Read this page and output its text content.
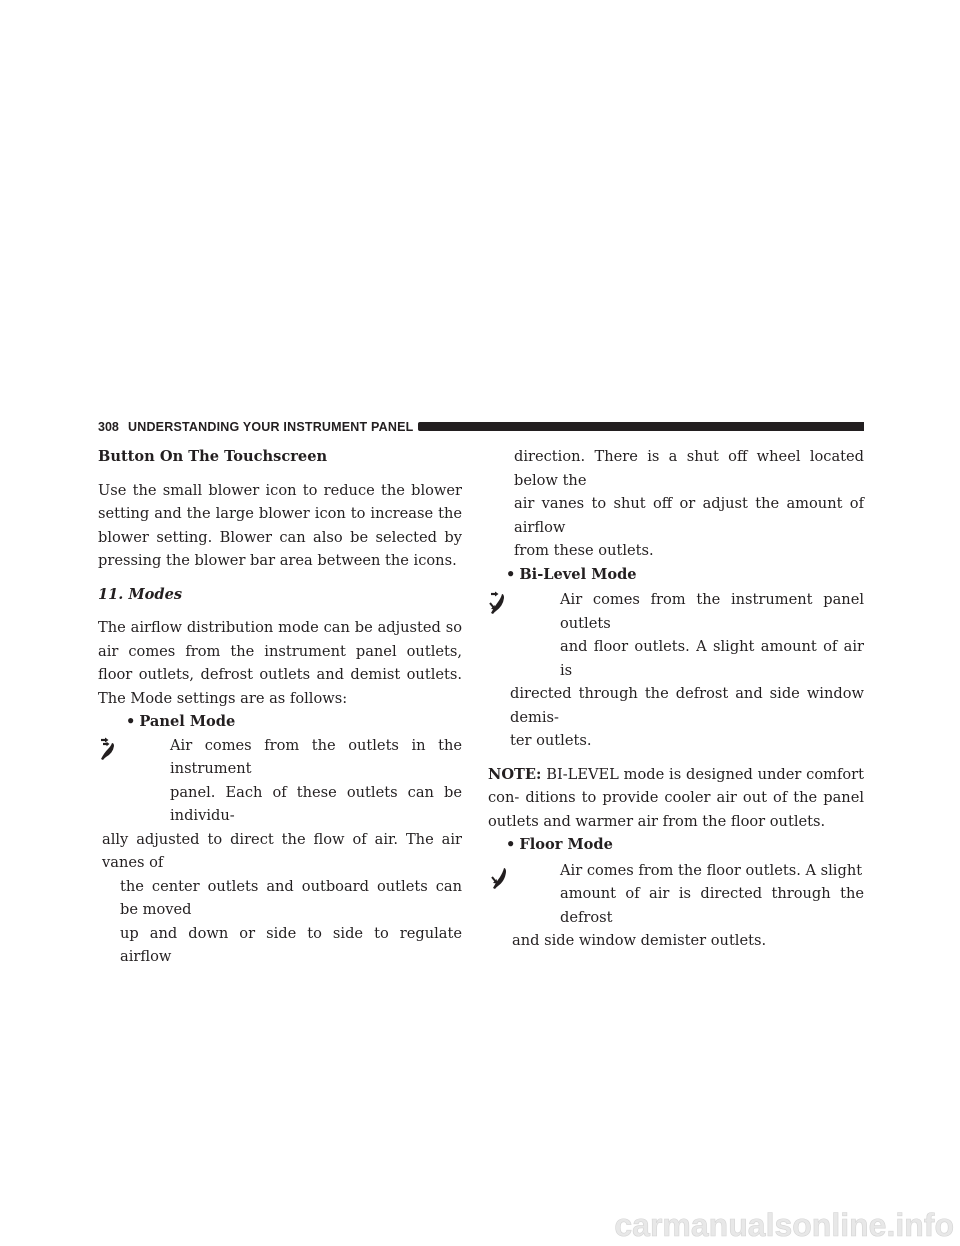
308 UNDERSTANDING YOUR INSTRUMENT PANEL

Button On The Touchscreen

Use the small blower icon to reduce the blower setting and the large blower icon to increase the blower setting. Blower can also be selected by pressing the blower bar area between the icons.

11. Modes

The airflow distribution mode can be adjusted so air comes from the instrument panel outlets, floor outlets, defrost outlets and demist outlets. The Mode settings are as follows:

• Panel Mode

Air comes from the outlets in the instrument

panel. Each of these outlets can be individu-

ally adjusted to direct the flow of air. The air vanes of

the center outlets and outboard outlets can be moved

up and down or side to side to regulate airflow

direction. There is a shut off wheel located below the

air vanes to shut off or adjust the amount of airflow

from these outlets.

• Bi-Level Mode

Air comes from the instrument panel outlets

and floor outlets. A slight amount of air is

directed through the defrost and side window demis-

ter outlets.

NOTE: BI-LEVEL mode is designed under comfort con- ditions to provide cooler air out of the panel outlets and warmer air from the floor outlets.

• Floor Mode

Air comes from the floor outlets. A slight

amount of air is directed through the defrost

and side window demister outlets.

carmanualsonline.info
